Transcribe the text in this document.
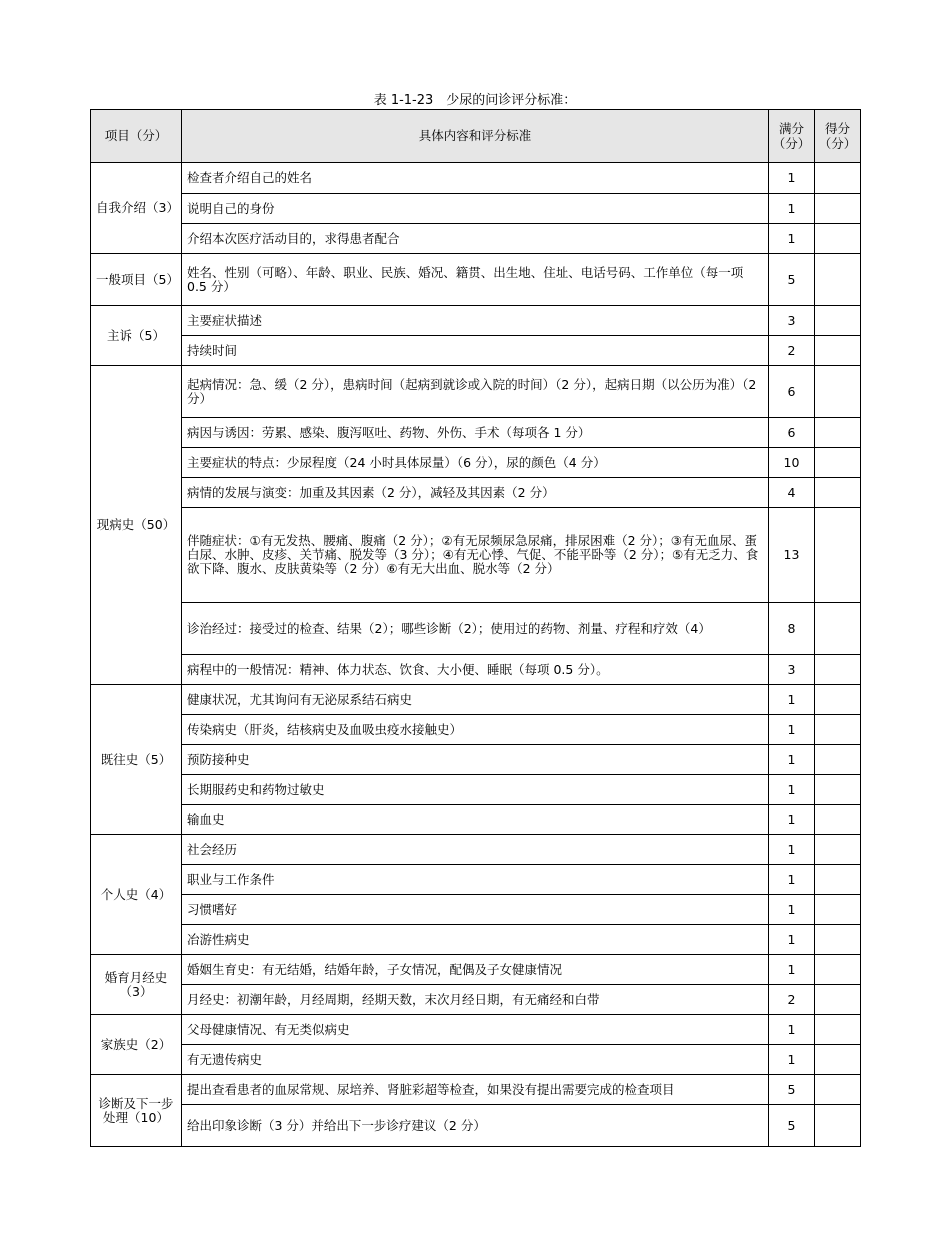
表 1-1-23　少尿的问诊评分标准：
项目（分）	具体内容和评分标准	满分（分）	得分（分）
自我介绍（3）	检查者介绍自己的姓名	1	
	说明自己的身份	1	
	介绍本次医疗活动目的，求得患者配合	1	
一般项目（5）	姓名、性别（可略）、年龄、职业、民族、婚况、籍贯、出生地、住址、电话号码、工作单位（每一项 0.5 分）	5	
主诉（5）	主要症状描述	3	
	持续时间	2	
现病史（50）	起病情况：急、缓（2 分），患病时间（起病到就诊或入院的时间）（2 分），起病日期（以公历为准）（2 分）	6	
	病因与诱因：劳累、感染、腹泻呕吐、药物、外伤、手术（每项各 1 分）	6	
	主要症状的特点：少尿程度（24 小时具体尿量）（6 分），尿的颜色（4 分）	10	
	病情的发展与演变：加重及其因素（2 分），减轻及其因素（2 分）	4	
	伴随症状：①有无发热、腰痛、腹痛（2 分）；②有无尿频尿急尿痛，排尿困难（2 分）；③有无血尿、蛋白尿、水肿、皮疹、关节痛、脱发等（3 分）；④有无心悸、气促、不能平卧等（2 分）；⑤有无乏力、食欲下降、腹水、皮肤黄染等（2 分）⑥有无大出血、脱水等（2 分）	13	
	诊治经过：接受过的检查、结果（2）；哪些诊断（2）；使用过的药物、剂量、疗程和疗效（4）	8	
	病程中的一般情况：精神、体力状态、饮食、大小便、睡眠（每项 0.5 分）。	3	
既往史（5）	健康状况，尤其询问有无泌尿系结石病史	1	
	传染病史（肝炎，结核病史及血吸虫疫水接触史）	1	
	预防接种史	1	
	长期服药史和药物过敏史	1	
	输血史	1	
个人史（4）	社会经历	1	
	职业与工作条件	1	
	习惯嗜好	1	
	冶游性病史	1	
婚育月经史（3）	婚姻生育史：有无结婚，结婚年龄，子女情况，配偶及子女健康情况	1	
	月经史：初潮年龄，月经周期，经期天数，末次月经日期，有无痛经和白带	2	
家族史（2）	父母健康情况、有无类似病史	1	
	有无遗传病史	1	
诊断及下一步处理（10）	提出查看患者的血尿常规、尿培养、肾脏彩超等检查，如果没有提出需要完成的检查项目	5	
	给出印象诊断（3 分）并给出下一步诊疗建议（2 分）	5	
